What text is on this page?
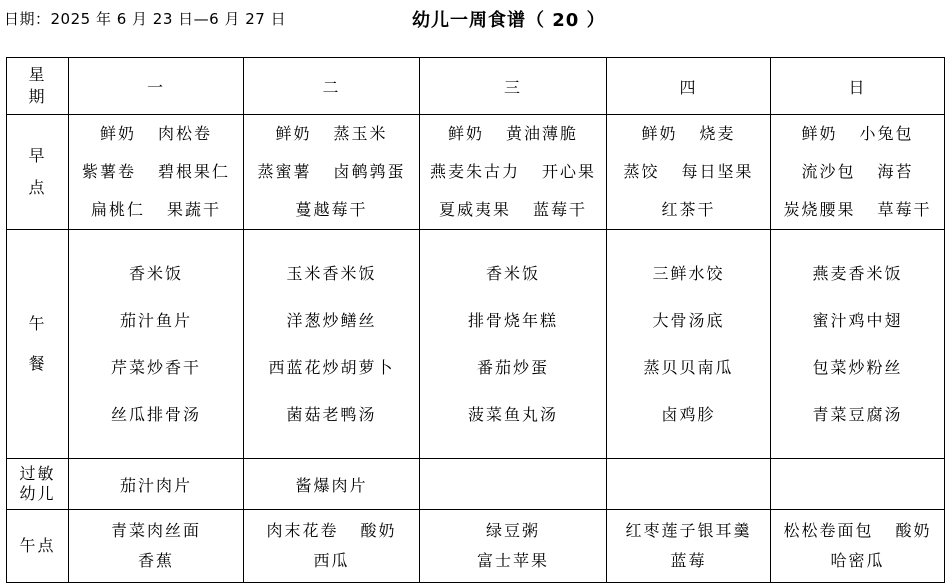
日期：2025 年 6 月 23 日—6 月 27 日	幼儿一周食谱（ 20 ）
星
期	一	二	三	四	日

早
点	鲜奶 肉松卷
紫薯卷 碧根果仁
扁桃仁 果蔬干	鲜奶 蒸玉米
蒸蜜薯 卤鹌鹑蛋
蔓越莓干	鲜奶 黄油薄脆
燕麦朱古力 开心果
夏威夷果 蓝莓干	鲜奶 烧麦
蒸饺 每日坚果
红茶干	鲜奶 小兔包
流沙包 海苔
炭烧腰果 草莓干

午
餐	香米饭
茄汁鱼片
芹菜炒香干
丝瓜排骨汤	玉米香米饭
洋葱炒鳝丝
西蓝花炒胡萝卜
菌菇老鸭汤	香米饭
排骨烧年糕
番茄炒蛋
菠菜鱼丸汤	三鲜水饺
大骨汤底
蒸贝贝南瓜
卤鸡胗	燕麦香米饭
蜜汁鸡中翅
包菜炒粉丝
青菜豆腐汤

过敏
幼儿	茄汁肉片	酱爆肉片			

午点	青菜肉丝面
香蕉	肉末花卷 酸奶
西瓜	绿豆粥
富士苹果	红枣莲子银耳羹
蓝莓	松松卷面包 酸奶
哈密瓜
